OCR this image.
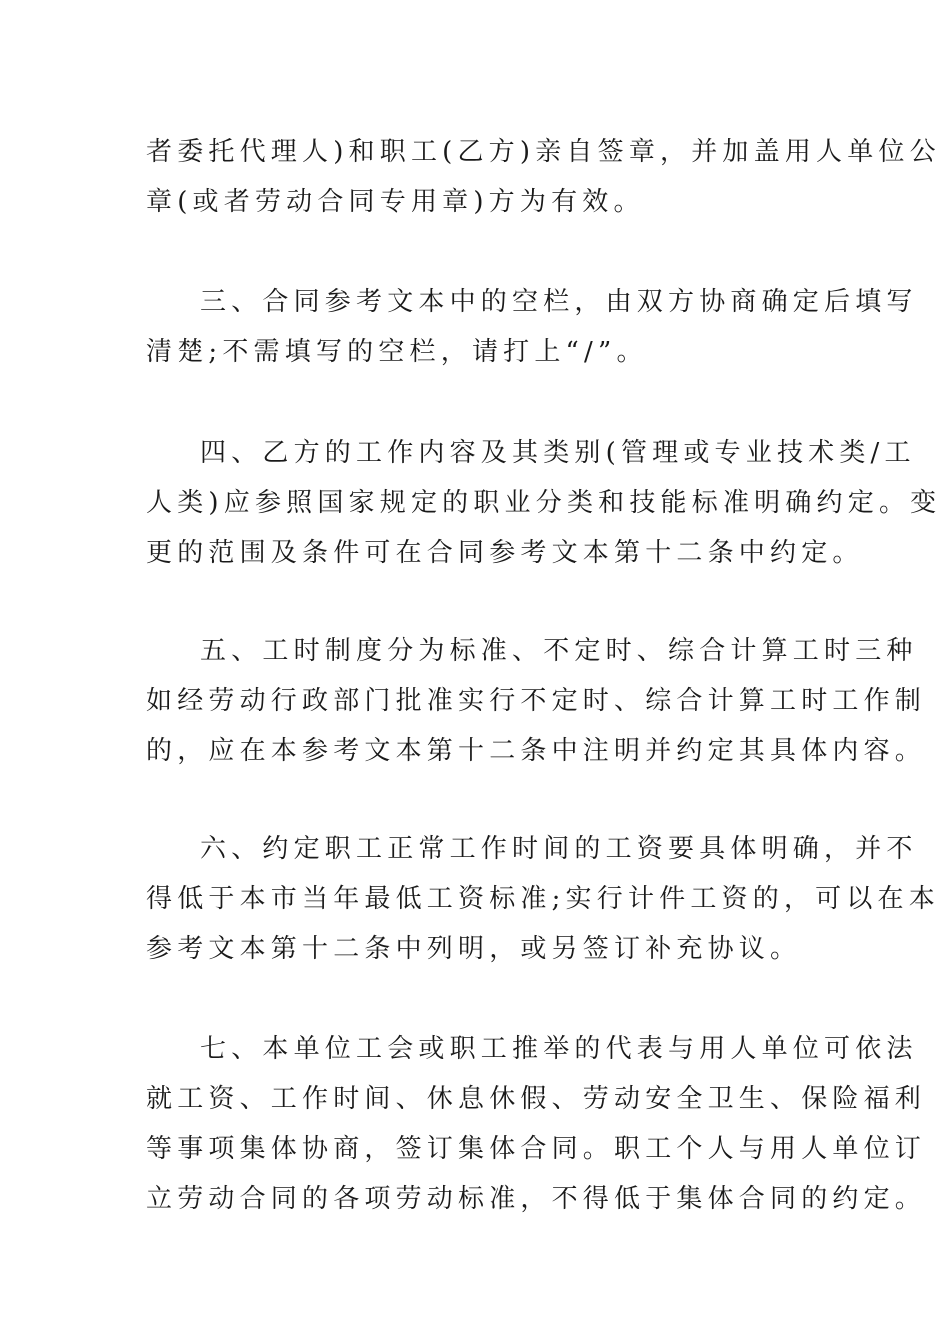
者委托代理人)和职工(乙方)亲自签章，并加盖用人单位公
章(或者劳动合同专用章)方为有效。
三、合同参考文本中的空栏，由双方协商确定后填写
清楚;不需填写的空栏，请打上“/”。
四、乙方的工作内容及其类别(管理或专业技术类/工
人类)应参照国家规定的职业分类和技能标准明确约定。变
更的范围及条件可在合同参考文本第十二条中约定。
五、工时制度分为标准、不定时、综合计算工时三种
如经劳动行政部门批准实行不定时、综合计算工时工作制
的，应在本参考文本第十二条中注明并约定其具体内容。
六、约定职工正常工作时间的工资要具体明确，并不
得低于本市当年最低工资标准;实行计件工资的，可以在本
参考文本第十二条中列明，或另签订补充协议。
七、本单位工会或职工推举的代表与用人单位可依法
就工资、工作时间、休息休假、劳动安全卫生、保险福利
等事项集体协商，签订集体合同。职工个人与用人单位订
立劳动合同的各项劳动标准，不得低于集体合同的约定。
